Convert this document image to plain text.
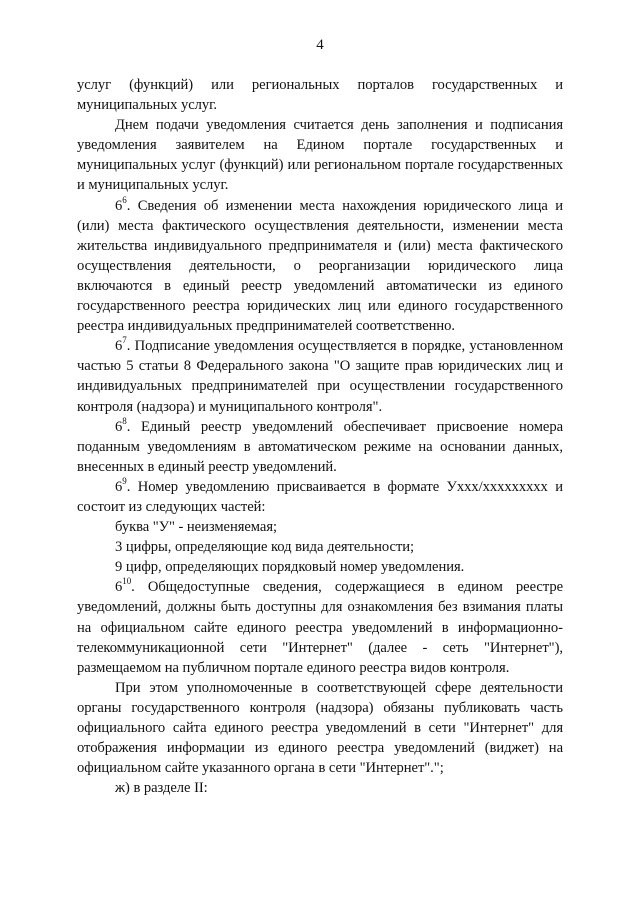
4

услуг (функций) или региональных порталов государственных и муниципальных услуг.

Днем подачи уведомления считается день заполнения и подписания уведомления заявителем на Едином портале государственных и муниципальных услуг (функций) или региональном портале государственных и муниципальных услуг.

$6^6$. Сведения об изменении места нахождения юридического лица и (или) места фактического осуществления деятельности, изменении места жительства индивидуального предпринимателя и (или) места фактического осуществления деятельности, о реорганизации юридического лица включаются в единый реестр уведомлений автоматически из единого государственного реестра юридических лиц или единого государственного реестра индивидуальных предпринимателей соответственно.

$6^7$. Подписание уведомления осуществляется в порядке, установленном частью 5 статьи 8 Федерального закона "О защите прав юридических лиц и индивидуальных предпринимателей при осуществлении государственного контроля (надзора) и муниципального контроля".

$6^8$. Единый реестр уведомлений обеспечивает присвоение номера поданным уведомлениям в автоматическом режиме на основании данных, внесенных в единый реестр уведомлений.

$6^9$. Номер уведомлению присваивается в формате Уxxx/xxxxxxxxx и состоит из следующих частей:

буква "У" - неизменяемая;

3 цифры, определяющие код вида деятельности;

9 цифр, определяющих порядковый номер уведомления.

$6^{10}$. Общедоступные сведения, содержащиеся в едином реестре уведомлений, должны быть доступны для ознакомления без взимания платы на официальном сайте единого реестра уведомлений в информационно-телекоммуникационной сети "Интернет" (далее - сеть "Интернет"), размещаемом на публичном портале единого реестра видов контроля.

При этом уполномоченные в соответствующей сфере деятельности органы государственного контроля (надзора) обязаны публиковать часть официального сайта единого реестра уведомлений в сети "Интернет" для отображения информации из единого реестра уведомлений (виджет) на официальном сайте указанного органа в сети "Интернет".";

ж) в разделе II:
